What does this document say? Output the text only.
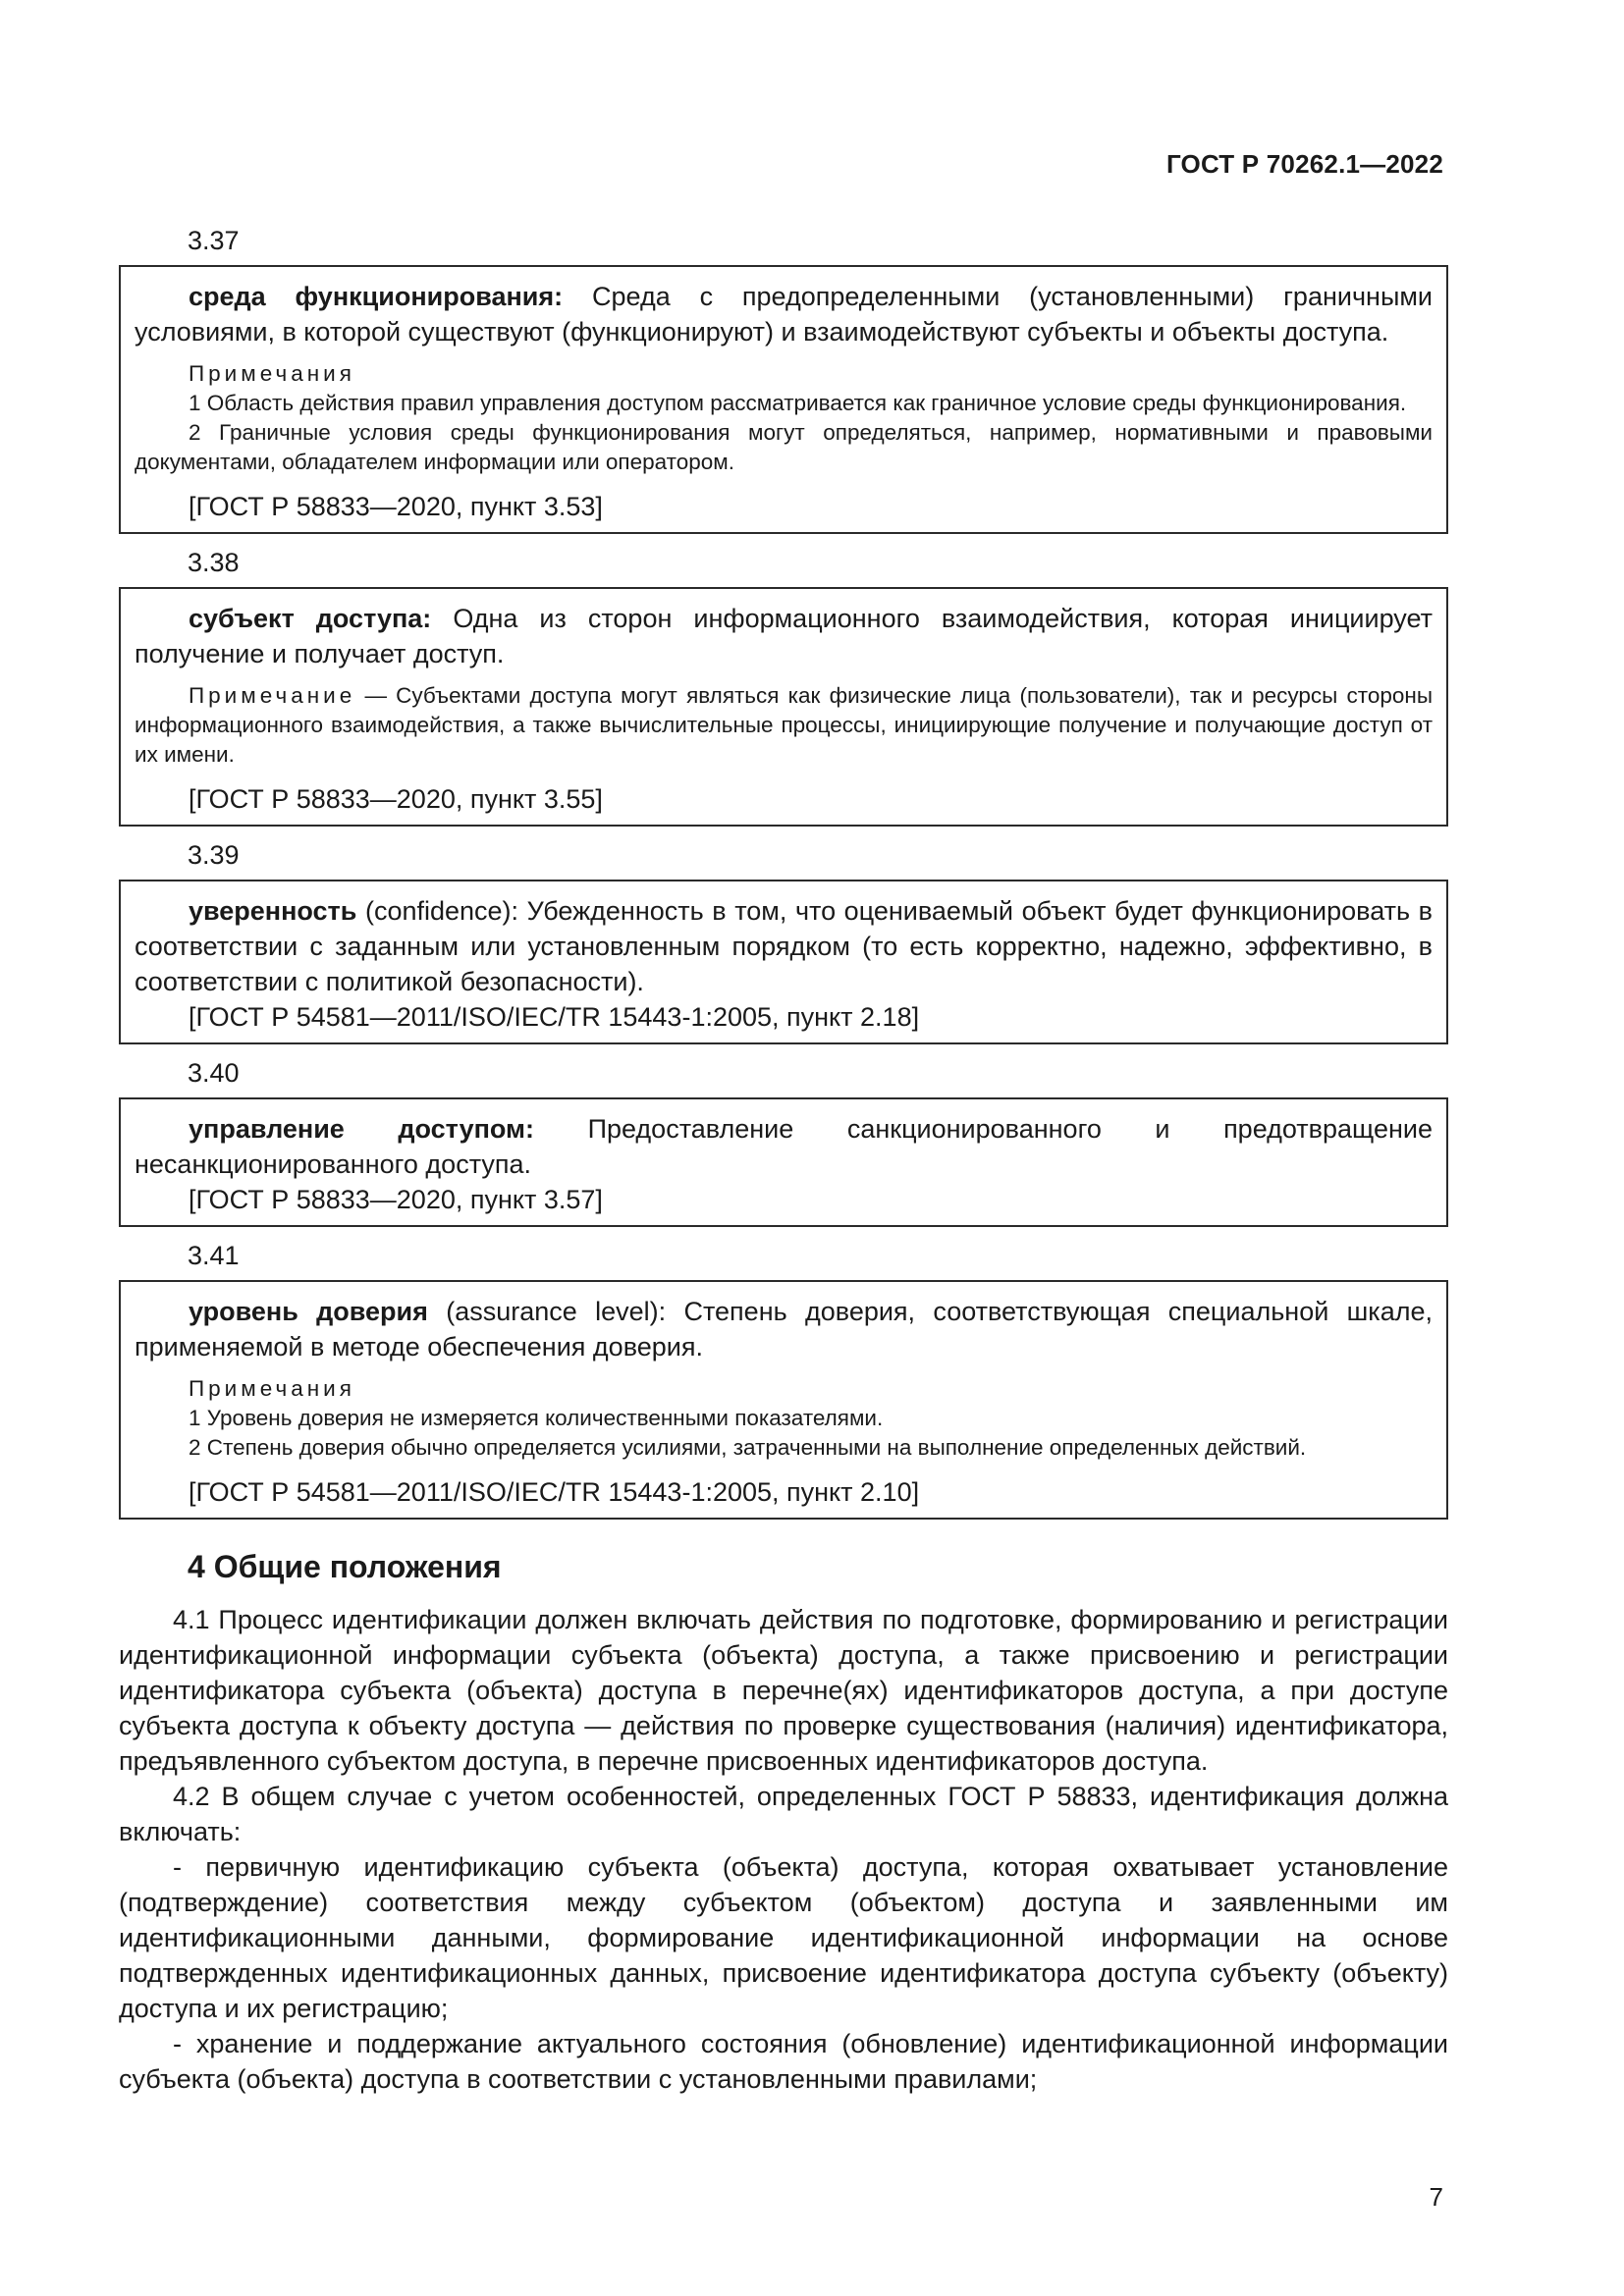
ГОСТ Р 70262.1—2022
3.37

среда функционирования: Среда с предопределенными (установленными) граничными условиями, в которой существуют (функционируют) и взаимодействуют субъекты и объекты доступа.

Примечания

1 Область действия правил управления доступом рассматривается как граничное условие среды функционирования.

2 Граничные условия среды функционирования могут определяться, например, нормативными и правовыми документами, обладателем информации или оператором.

[ГОСТ Р 58833—2020, пункт 3.53]

3.38

субъект доступа: Одна из сторон информационного взаимодействия, которая инициирует получение и получает доступ.

Примечание — Субъектами доступа могут являться как физические лица (пользователи), так и ресурсы стороны информационного взаимодействия, а также вычислительные процессы, инициирующие получение и получающие доступ от их имени.

[ГОСТ Р 58833—2020, пункт 3.55]

3.39

уверенность (confidence): Убежденность в том, что оцениваемый объект будет функционировать в соответствии с заданным или установленным порядком (то есть корректно, надежно, эффективно, в соответствии с политикой безопасности).

[ГОСТ Р 54581—2011/ISO/IEC/TR 15443-1:2005, пункт 2.18]

3.40

управление доступом: Предоставление санкционированного и предотвращение несанкционированного доступа.

[ГОСТ Р 58833—2020, пункт 3.57]

3.41

уровень доверия (assurance level): Степень доверия, соответствующая специальной шкале, применяемой в методе обеспечения доверия.

Примечания

1 Уровень доверия не измеряется количественными показателями.

2 Степень доверия обычно определяется усилиями, затраченными на выполнение определенных действий.

[ГОСТ Р 54581—2011/ISO/IEC/TR 15443-1:2005, пункт 2.10]

4 Общие положения

4.1 Процесс идентификации должен включать действия по подготовке, формированию и регистрации идентификационной информации субъекта (объекта) доступа, а также присвоению и регистрации идентификатора субъекта (объекта) доступа в перечне(ях) идентификаторов доступа, а при доступе субъекта доступа к объекту доступа — действия по проверке существования (наличия) идентификатора, предъявленного субъектом доступа, в перечне присвоенных идентификаторов доступа.

4.2 В общем случае с учетом особенностей, определенных ГОСТ Р 58833, идентификация должна включать:

- первичную идентификацию субъекта (объекта) доступа, которая охватывает установление (подтверждение) соответствия между субъектом (объектом) доступа и заявленными им идентификационными данными, формирование идентификационной информации на основе подтвержденных идентификационных данных, присвоение идентификатора доступа субъекту (объекту) доступа и их регистрацию;

- хранение и поддержание актуального состояния (обновление) идентификационной информации субъекта (объекта) доступа в соответствии с установленными правилами;

7
